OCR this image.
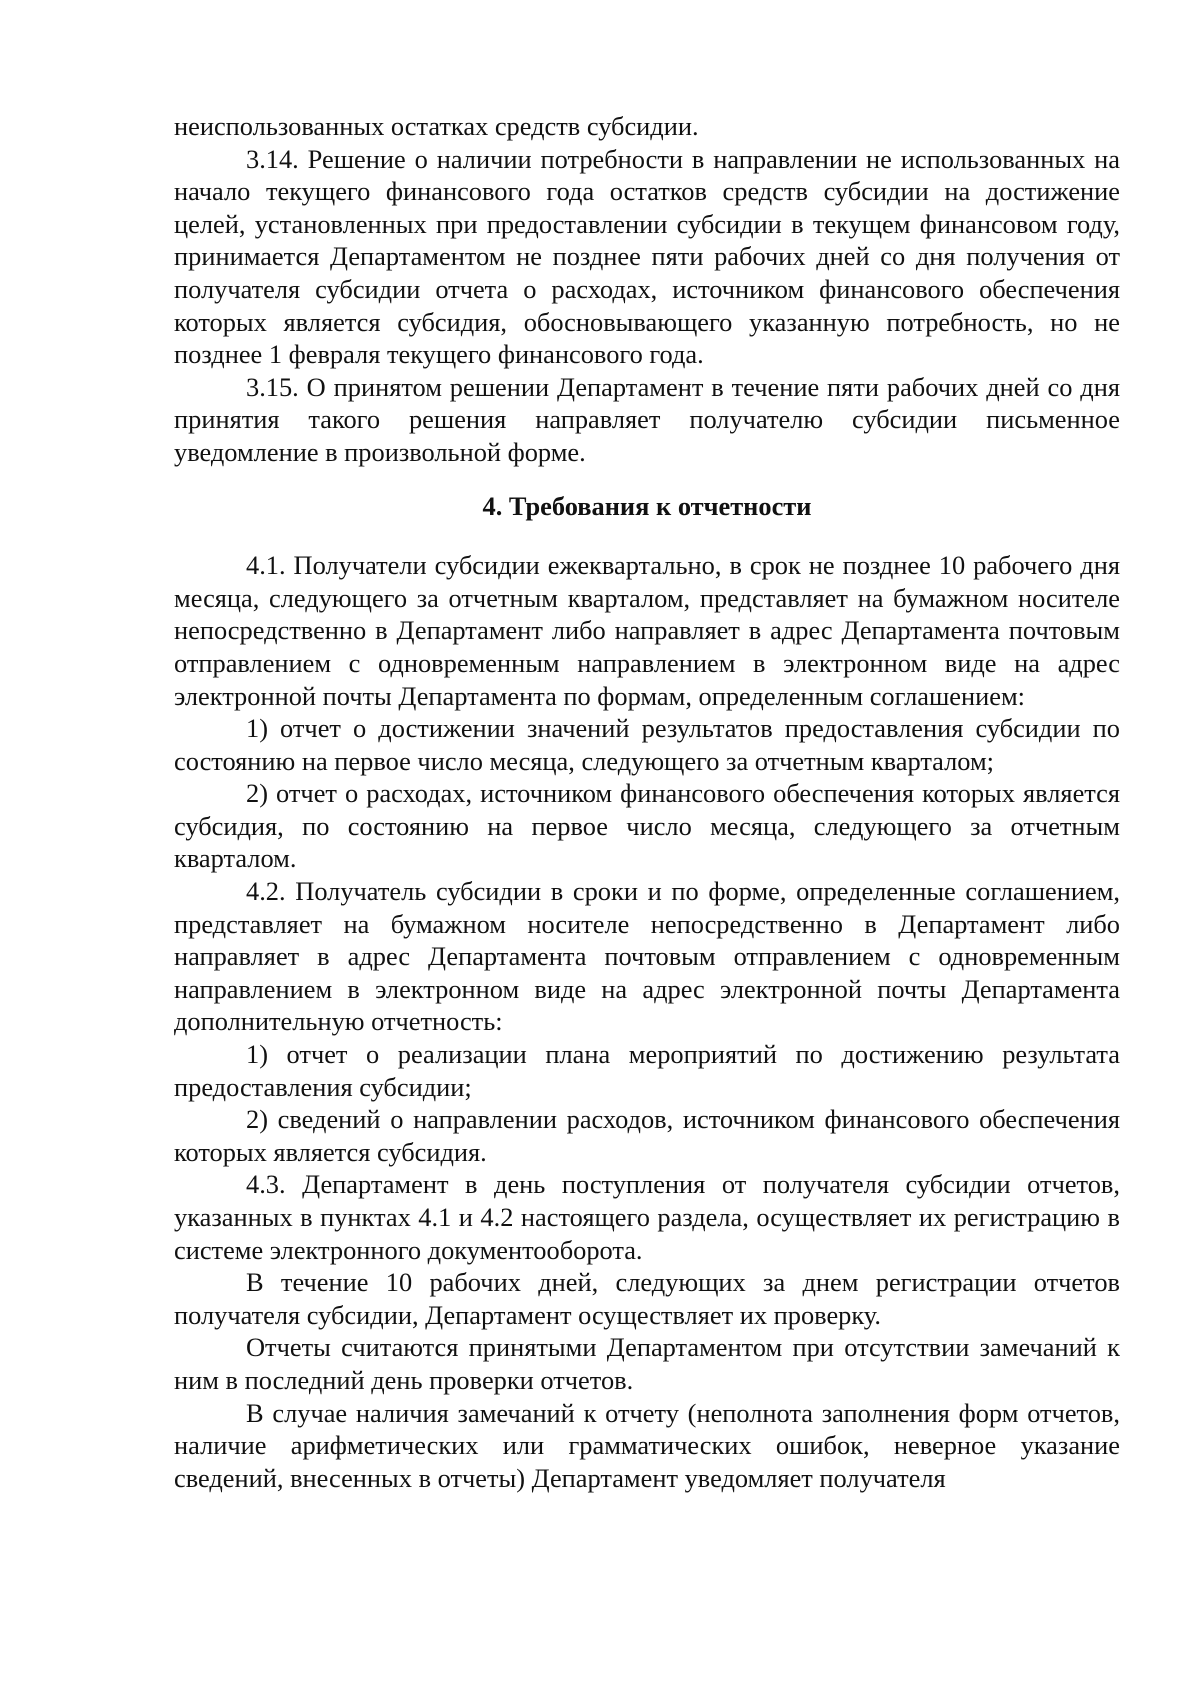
неиспользованных остатках средств субсидии.

3.14. Решение о наличии потребности в направлении не использованных на начало текущего финансового года остатков средств субсидии на достижение целей, установленных при предоставлении субсидии в текущем финансовом году, принимается Департаментом не позднее пяти рабочих дней со дня получения от получателя субсидии отчета о расходах, источником финансового обеспечения которых является субсидия, обосновывающего указанную потребность, но не позднее 1 февраля текущего финансового года.

3.15. О принятом решении Департамент в течение пяти рабочих дней со дня принятия такого решения направляет получателю субсидии письменное уведомление в произвольной форме.

4. Требования к отчетности

4.1. Получатели субсидии ежеквартально, в срок не позднее 10 рабочего дня месяца, следующего за отчетным кварталом, представляет на бумажном носителе непосредственно в Департамент либо направляет в адрес Департамента почтовым отправлением с одновременным направлением в электронном виде на адрес электронной почты Департамента по формам, определенным соглашением:

1) отчет о достижении значений результатов предоставления субсидии по состоянию на первое число месяца, следующего за отчетным кварталом;

2) отчет о расходах, источником финансового обеспечения которых является субсидия, по состоянию на первое число месяца, следующего за отчетным кварталом.

4.2. Получатель субсидии в сроки и по форме, определенные соглашением, представляет на бумажном носителе непосредственно в Департамент либо направляет в адрес Департамента почтовым отправлением с одновременным направлением в электронном виде на адрес электронной почты Департамента дополнительную отчетность:

1) отчет о реализации плана мероприятий по достижению результата предоставления субсидии;

2) сведений о направлении расходов, источником финансового обеспечения которых является субсидия.

4.3. Департамент в день поступления от получателя субсидии отчетов, указанных в пунктах 4.1 и 4.2 настоящего раздела, осуществляет их регистрацию в системе электронного документооборота.

В течение 10 рабочих дней, следующих за днем регистрации отчетов получателя субсидии, Департамент осуществляет их проверку.

Отчеты считаются принятыми Департаментом при отсутствии замечаний к ним в последний день проверки отчетов.

В случае наличия замечаний к отчету (неполнота заполнения форм отчетов, наличие арифметических или грамматических ошибок, неверное указание сведений, внесенных в отчеты) Департамент уведомляет получателя
